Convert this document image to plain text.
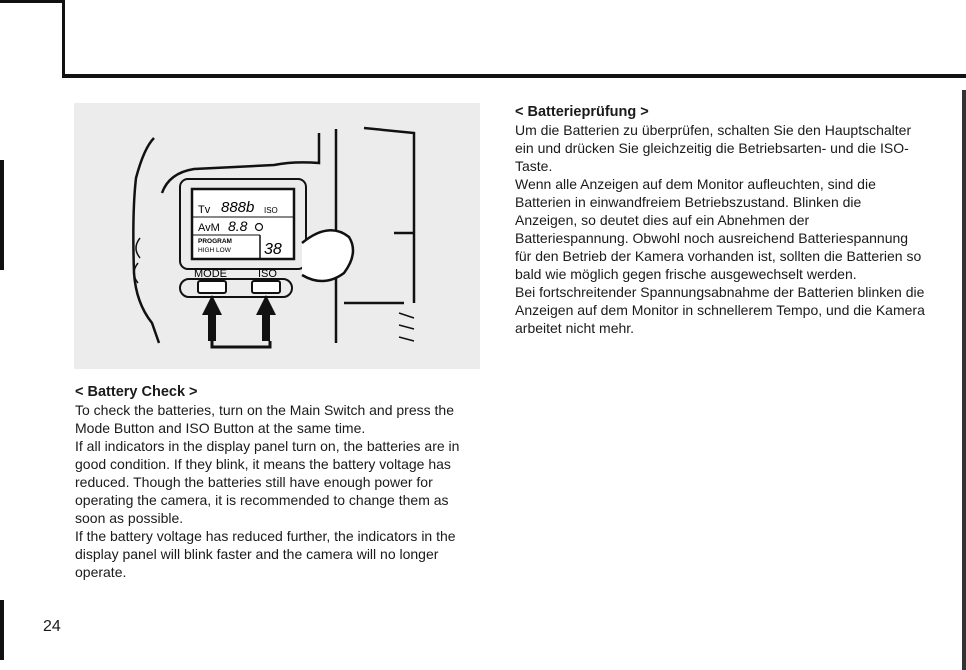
Tv 888b ISO
AvM 8.8
PROGRAM
HIGH LOW 38
MODE	ISO

< Battery Check >

To check the batteries, turn on the Main Switch and press the Mode Button and ISO Button at the same time.

If all indicators in the display panel turn on, the batteries are in good condition. If they blink, it means the battery voltage has reduced. Though the batteries still have enough power for operating the camera, it is recommended to change them as soon as possible.

If the battery voltage has reduced further, the indicators in the display panel will blink faster and the camera will no longer operate.

< Batterieprüfung >

Um die Batterien zu überprüfen, schalten Sie den Hauptschalter ein und drücken Sie gleichzeitig die Betriebsarten- und die ISO-Taste.

Wenn alle Anzeigen auf dem Monitor aufleuchten, sind die Batterien in einwandfreiem Betriebszustand. Blinken die Anzeigen, so deutet dies auf ein Abnehmen der Batteriespannung. Obwohl noch ausreichend Batteriespannung für den Betrieb der Kamera vorhanden ist, sollten die Batterien so bald wie möglich gegen frische ausgewechselt werden.

Bei fortschreitender Spannungsabnahme der Batterien blinken die Anzeigen auf dem Monitor in schnellerem Tempo, und die Kamera arbeitet nicht mehr.

24
